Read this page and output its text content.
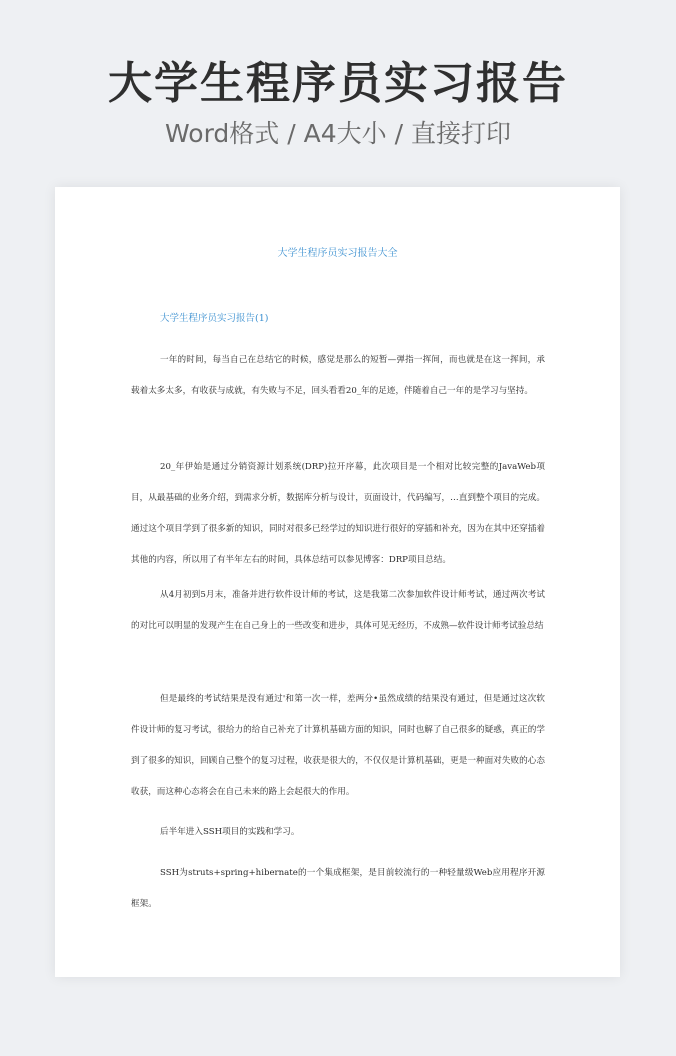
大学生程序员实习报告
Word格式 / A4大小 / 直接打印
大学生程序员实习报告大全
大学生程序员实习报告(1)

一年的时间，每当自己在总结它的时候，感觉是那么的短暂—弹指一挥间，而也就是在这一挥间，承载着太多太多，有收获与成就，有失败与不足，回头看看20_年的足迹，伴随着自己一年的是学习与坚持。

20_年伊始是通过分销资源计划系统(DRP)拉开序幕，此次项目是一个相对比较完整的JavaWeb项目，从最基础的业务介绍，到需求分析，数据库分析与设计，页面设计，代码编写，…直到整个项目的完成。通过这个项目学到了很多新的知识，同时对很多已经学过的知识进行很好的穿插和补充，因为在其中还穿插着其他的内容，所以用了有半年左右的时间，具体总结可以参见博客：DRP项目总结。

从4月初到5月末，准备并进行软件设计师的考试，这是我第二次参加软件设计师考试，通过两次考试的对比可以明显的发现产生在自己身上的一些改变和进步，具体可见无经历，不成熟—软件设计师考试验总结

但是最终的考试结果是没有通过'和第一次一样，差两分•虽然成绩的结果没有通过，但是通过这次软件设计师的复习考试，很给力的给自己补充了计算机基础方面的知识，同时也解了自己很多的疑惑，真正的学到了很多的知识，回顾自己整个的复习过程，收获是很大的，不仅仅是计算机基础，更是一种面对失败的心态收获，而这种心态将会在自己未来的路上会起很大的作用。

后半年进入SSH项目的实践和学习。

SSH为struts+spring+hibernate的一个集成框架，是目前较流行的一种轻量级Web应用程序开源框架。
